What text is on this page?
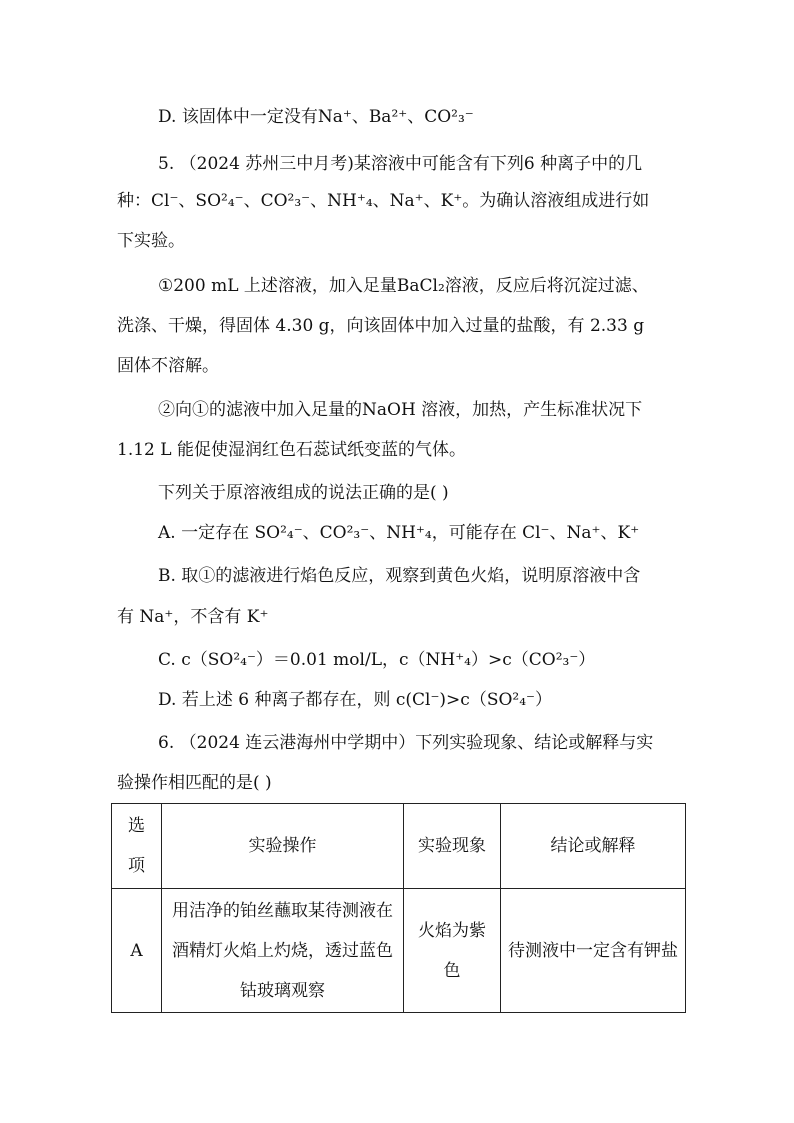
D. 该固体中一定没有Na⁺、Ba²⁺、CO²₃⁻
5. （2024 苏州三中月考)某溶液中可能含有下列6 种离子中的几
种：Cl⁻、SO²₄⁻、CO²₃⁻、NH⁺₄、Na⁺、K⁺。为确认溶液组成进行如
下实验。
①200 mL 上述溶液，加入足量BaCl₂溶液，反应后将沉淀过滤、
洗涤、干燥，得固体 4.30 g，向该固体中加入过量的盐酸，有 2.33 g
固体不溶解。
②向①的滤液中加入足量的NaOH 溶液，加热，产生标准状况下
1.12 L 能促使湿润红色石蕊试纸变蓝的气体。
下列关于原溶液组成的说法正确的是( )
A. 一定存在 SO²₄⁻、CO²₃⁻、NH⁺₄，可能存在 Cl⁻、Na⁺、K⁺
B. 取①的滤液进行焰色反应，观察到黄色火焰，说明原溶液中含
有 Na⁺，不含有 K⁺
C. c（SO²₄⁻）＝0.01 mol/L，c（NH⁺₄）>c（CO²₃⁻）
D. 若上述 6 种离子都存在，则 c(Cl⁻)>c（SO²₄⁻）
6. （2024 连云港海州中学期中）下列实验现象、结论或解释与实
验操作相匹配的是( )
选项	实验操作	实验现象	结论或解释
A	用洁净的铂丝蘸取某待测液在酒精灯火焰上灼烧，透过蓝色钴玻璃观察	火焰为紫色	待测液中一定含有钾盐
